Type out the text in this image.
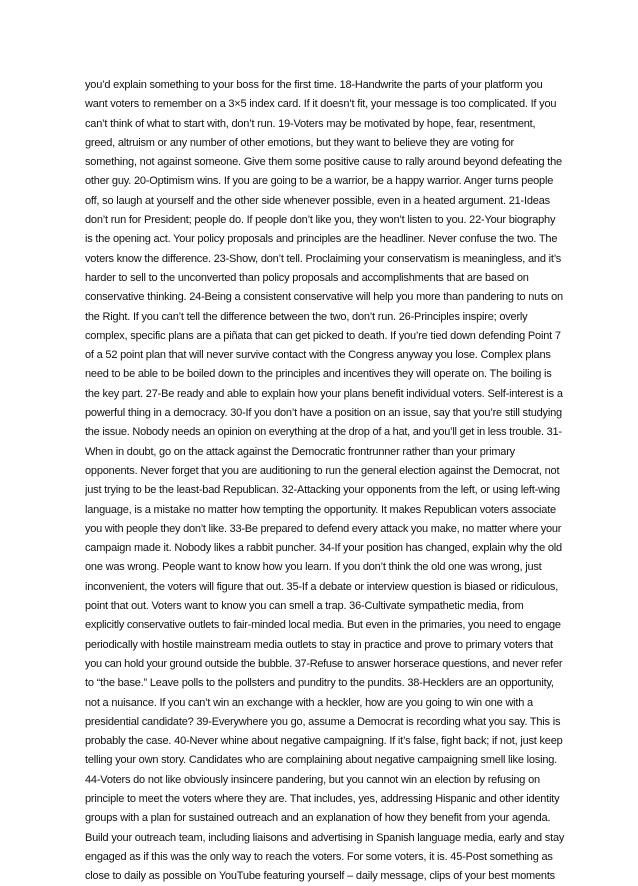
you’d explain something to your boss for the first time. 18-Handwrite the parts of your platform you
want voters to remember on a 3×5 index card. If it doesn’t fit, your message is too complicated. If you
can’t think of what to start with, don’t run. 19-Voters may be motivated by hope, fear, resentment,
greed, altruism or any number of other emotions, but they want to believe they are voting for
something, not against someone. Give them some positive cause to rally around beyond defeating the
other guy. 20-Optimism wins. If you are going to be a warrior, be a happy warrior. Anger turns people
off, so laugh at yourself and the other side whenever possible, even in a heated argument. 21-Ideas
don’t run for President; people do. If people don’t like you, they won’t listen to you. 22-Your biography
is the opening act. Your policy proposals and principles are the headliner. Never confuse the two. The
voters know the difference. 23-Show, don’t tell. Proclaiming your conservatism is meaningless, and it’s
harder to sell to the unconverted than policy proposals and accomplishments that are based on
conservative thinking. 24-Being a consistent conservative will help you more than pandering to nuts on
the Right. If you can’t tell the difference between the two, don’t run. 26-Principles inspire; overly
complex, specific plans are a piñata that can get picked to death. If you’re tied down defending Point 7
of a 52 point plan that will never survive contact with the Congress anyway you lose. Complex plans
need to be able to be boiled down to the principles and incentives they will operate on. The boiling is
the key part. 27-Be ready and able to explain how your plans benefit individual voters. Self-interest is a
powerful thing in a democracy. 30-If you don’t have a position on an issue, say that you’re still studying
the issue. Nobody needs an opinion on everything at the drop of a hat, and you’ll get in less trouble. 31-
When in doubt, go on the attack against the Democratic frontrunner rather than your primary
opponents. Never forget that you are auditioning to run the general election against the Democrat, not
just trying to be the least-bad Republican. 32-Attacking your opponents from the left, or using left-wing
language, is a mistake no matter how tempting the opportunity. It makes Republican voters associate
you with people they don’t like. 33-Be prepared to defend every attack you make, no matter where your
campaign made it. Nobody likes a rabbit puncher. 34-If your position has changed, explain why the old
one was wrong. People want to know how you learn. If you don’t think the old one was wrong, just
inconvenient, the voters will figure that out. 35-If a debate or interview question is biased or ridiculous,
point that out. Voters want to know you can smell a trap. 36-Cultivate sympathetic media, from
explicitly conservative outlets to fair-minded local media. But even in the primaries, you need to engage
periodically with hostile mainstream media outlets to stay in practice and prove to primary voters that
you can hold your ground outside the bubble. 37-Refuse to answer horserace questions, and never refer
to “the base.” Leave polls to the pollsters and punditry to the pundits. 38-Hecklers are an opportunity,
not a nuisance. If you can’t win an exchange with a heckler, how are you going to win one with a
presidential candidate? 39-Everywhere you go, assume a Democrat is recording what you say. This is
probably the case. 40-Never whine about negative campaigning. If it’s false, fight back; if not, just keep
telling your own story. Candidates who are complaining about negative campaigning smell like losing.
44-Voters do not like obviously insincere pandering, but you cannot win an election by refusing on
principle to meet the voters where they are. That includes, yes, addressing Hispanic and other identity
groups with a plan for sustained outreach and an explanation of how they benefit from your agenda.
Build your outreach team, including liaisons and advertising in Spanish language media, early and stay
engaged as if this was the only way to reach the voters. For some voters, it is. 45-Post something as
close to daily as possible on YouTube featuring yourself – daily message, clips of your best moments
